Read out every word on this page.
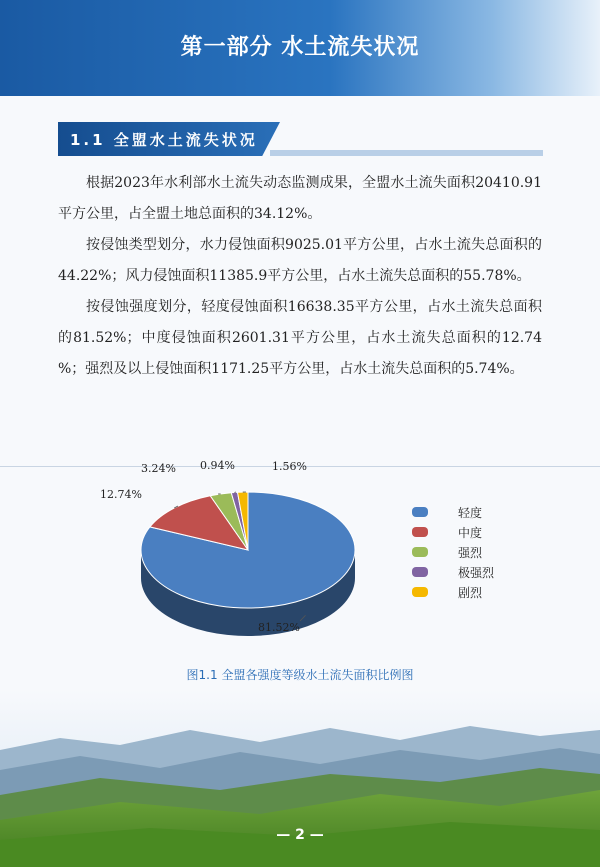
第一部分 水土流失状况
1.1 全盟水土流失状况

根据2023年水利部水土流失动态监测成果，全盟水土流失面积20410.91平方公里，占全盟土地总面积的34.12%。

按侵蚀类型划分，水力侵蚀面积9025.01平方公里，占水土流失总面积的44.22%；风力侵蚀面积11385.9平方公里，占水土流失总面积的55.78%。

按侵蚀强度划分，轻度侵蚀面积16638.35平方公里，占水土流失总面积的81.52%；中度侵蚀面积2601.31平方公里，占水土流失总面积的12.74 %；强烈及以上侵蚀面积1171.25平方公里，占水土流失总面积的5.74%。

81.52%
12.74%
3.24% 0.94%	1.56%
轻度
中度
强烈
极强烈
剧烈
图1.1 全盟各强度等级水土流失面积比例图
— 2 —
